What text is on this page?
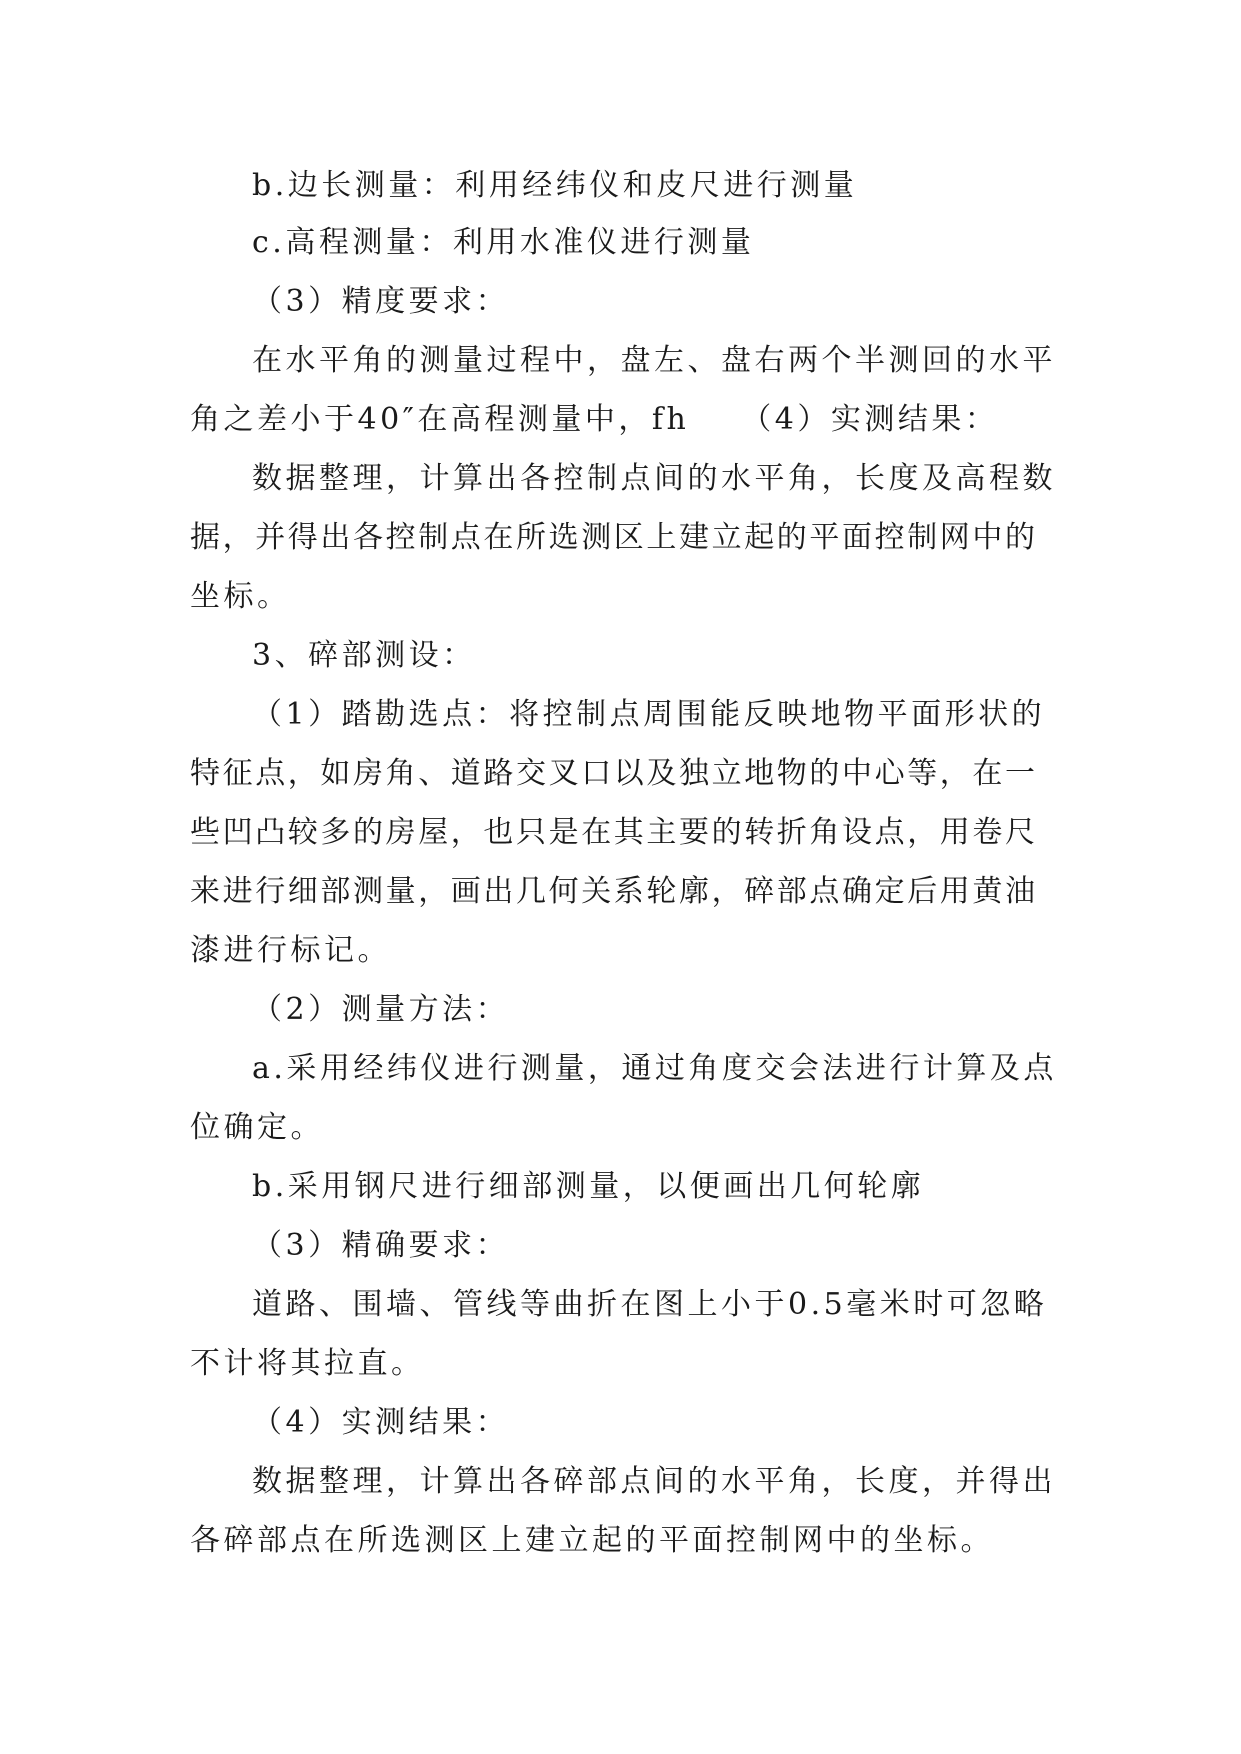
b.边长测量：利用经纬仪和皮尺进行测量
c.高程测量：利用水准仪进行测量
（3）精度要求：
在水平角的测量过程中，盘左、盘右两个半测回的水平
角之差小于40″在高程测量中，fh　　（4）实测结果：
数据整理，计算出各控制点间的水平角，长度及高程数
据，并得出各控制点在所选测区上建立起的平面控制网中的
坐标。
3、碎部测设：
（1）踏勘选点：将控制点周围能反映地物平面形状的
特征点，如房角、道路交叉口以及独立地物的中心等，在一
些凹凸较多的房屋，也只是在其主要的转折角设点，用卷尺
来进行细部测量，画出几何关系轮廓，碎部点确定后用黄油
漆进行标记。
（2）测量方法：
a.采用经纬仪进行测量，通过角度交会法进行计算及点
位确定。
b.采用钢尺进行细部测量，以便画出几何轮廓
（3）精确要求：
道路、围墙、管线等曲折在图上小于0.5毫米时可忽略
不计将其拉直。
（4）实测结果：
数据整理，计算出各碎部点间的水平角，长度，并得出
各碎部点在所选测区上建立起的平面控制网中的坐标。
